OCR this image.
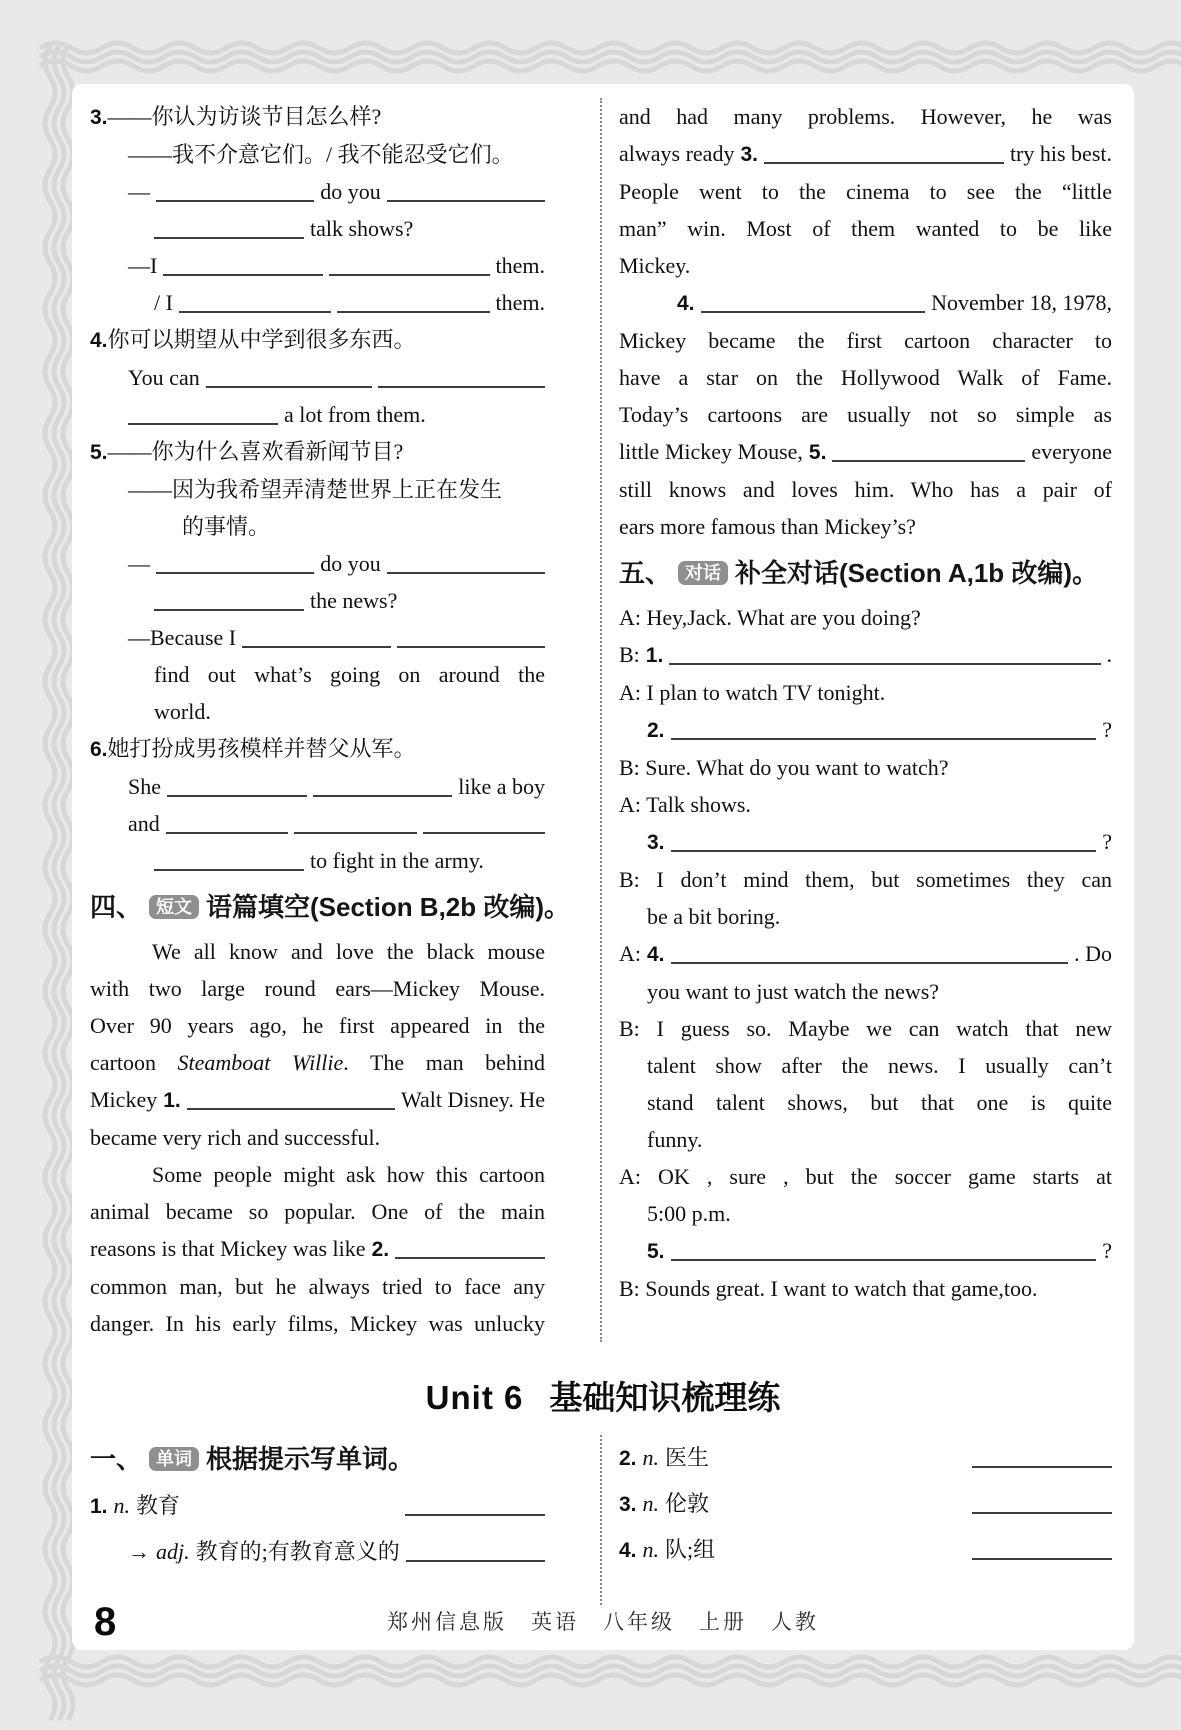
3.——你认为访谈节目怎么样?
——我不介意它们。/ 我不能忍受它们。
—	do you
talk shows?
—I	them.
/ I	them.
4.你可以期望从中学到很多东西。
You can
a lot from them.
5.——你为什么喜欢看新闻节目?
——因为我希望弄清楚世界上正在发生
的事情。
—	do you
the news?
—Because I
find out what’s going on around the
world.
6.她打扮成男孩模样并替父从军。
She	like a boy
and
to fight in the army.
四、 短文 语篇填空(Section B,2b 改编)。
We all know and love the black mouse
with two large round ears—Mickey Mouse.
Over 90 years ago, he first appeared in the
cartoon Steamboat Willie. The man behind
Mickey 1.	Walt Disney. He
became very rich and successful.
Some people might ask how this cartoon
animal became so popular. One of the main
reasons is that Mickey was like 2.
common man, but he always tried to face any
danger. In his early films, Mickey was unlucky
and had many problems. However, he was
always ready 3.	try his best.
People went to the cinema to see the “little
man” win. Most of them wanted to be like
Mickey.
4.	November 18, 1978,
Mickey became the first cartoon character to
have a star on the Hollywood Walk of Fame.
Today’s cartoons are usually not so simple as
little Mickey Mouse, 5.	everyone
still knows and loves him. Who has a pair of
ears more famous than Mickey’s?
五、 对话 补全对话(Section A,1b 改编)。
A: Hey,Jack. What are you doing?
B: 1.	.
A: I plan to watch TV tonight.
2.	?
B: Sure. What do you want to watch?
A: Talk shows.
3.	?
B: I don’t mind them, but sometimes they can
be a bit boring.
A: 4.	. Do
you want to just watch the news?
B: I guess so. Maybe we can watch that new
talent show after the news. I usually can’t
stand talent shows, but that one is quite
funny.
A: OK , sure , but the soccer game starts at
5:00 p.m.
5.	?
B: Sounds great. I want to watch that game,too.
Unit 6 基础知识梳理练
一、 单词 根据提示写单词。
1. n. 教育
→ adj. 教育的;有教育意义的
2. n. 医生
3. n. 伦敦
4. n. 队;组
8	郑州信息版　英语　八年级　上册　人教
